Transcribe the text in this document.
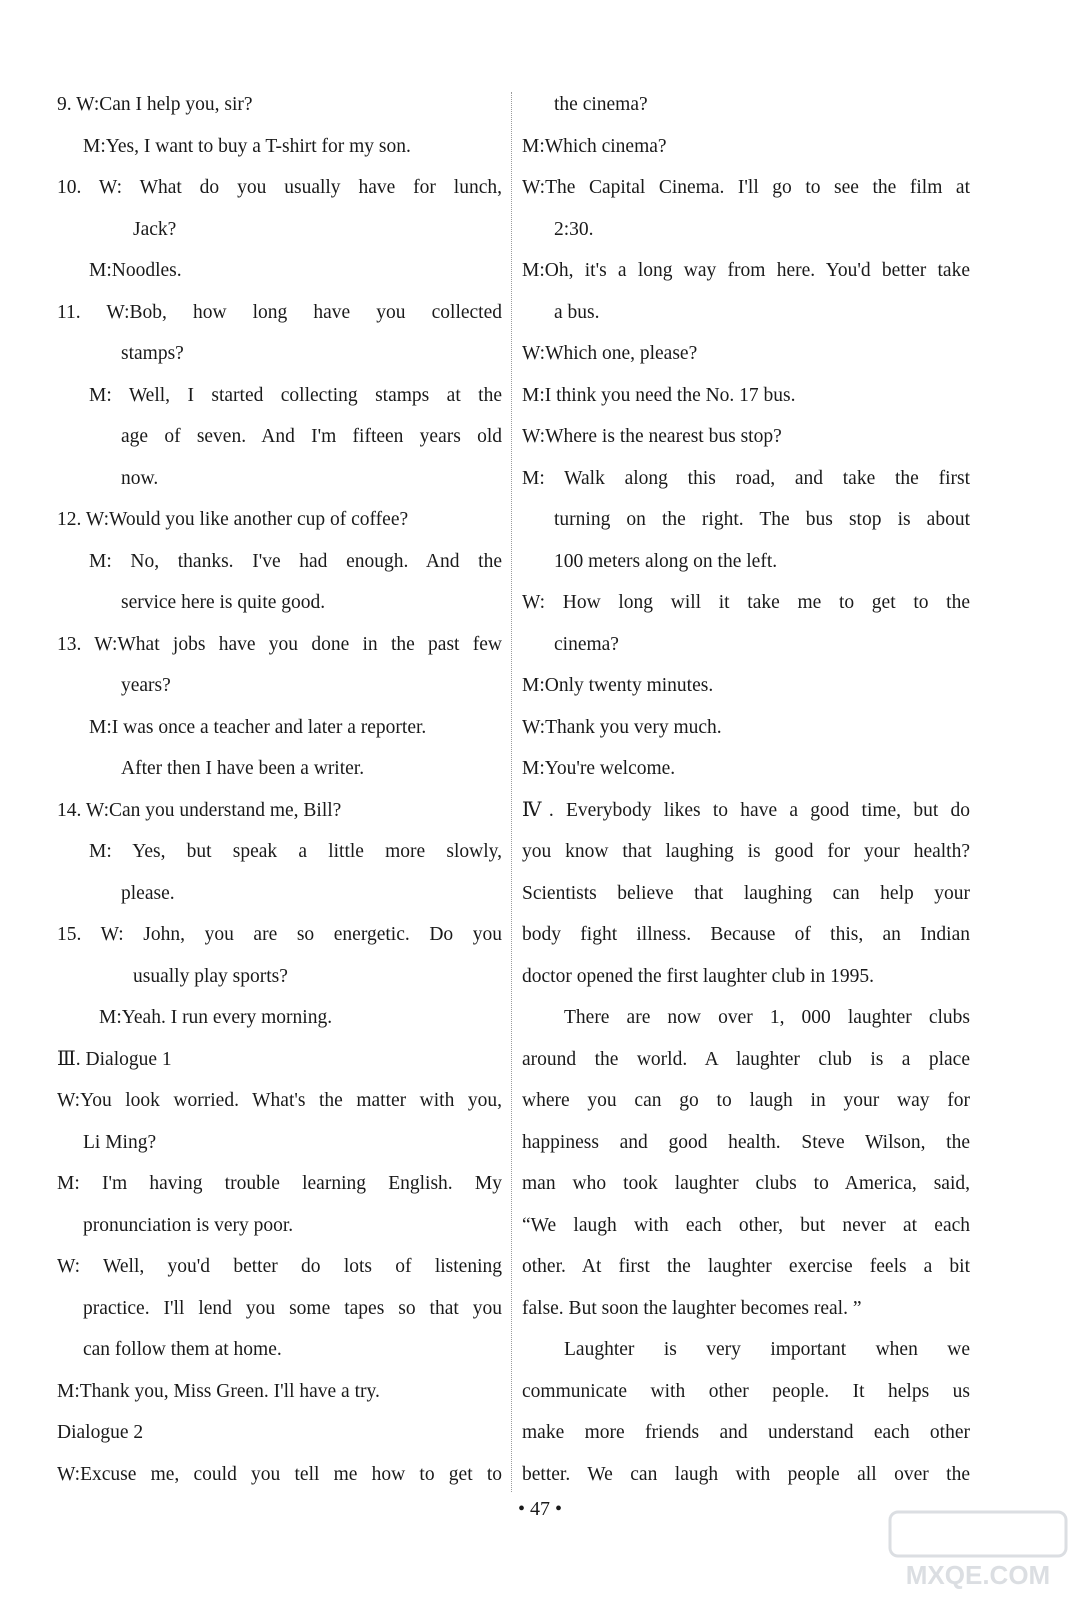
9. W:Can I help you, sir?
M:Yes, I want to buy a T-shirt for my son.
10. W: What do you usually have for lunch,
Jack?
M:Noodles.
11. W:Bob, how long have you collected
stamps?
M: Well, I started collecting stamps at the
age of seven. And I'm fifteen years old
now.
12. W:Would you like another cup of coffee?
M: No, thanks. I've had enough. And the
service here is quite good.
13. W:What jobs have you done in the past few
years?
M:I was once a teacher and later a reporter.
After then I have been a writer.
14. W:Can you understand me, Bill?
M: Yes, but speak a little more slowly,
please.
15. W: John, you are so energetic. Do you
usually play sports?
M:Yeah. I run every morning.
Ⅲ. Dialogue 1
W:You look worried. What's the matter with you,
Li Ming?
M: I'm having trouble learning English. My
pronunciation is very poor.
W: Well, you'd better do lots of listening
practice. I'll lend you some tapes so that you
can follow them at home.
M:Thank you, Miss Green. I'll have a try.
Dialogue 2
W:Excuse me, could you tell me how to get to
the cinema?
M:Which cinema?
W:The Capital Cinema. I'll go to see the film at
2:30.
M:Oh, it's a long way from here. You'd better take
a bus.
W:Which one, please?
M:I think you need the No. 17 bus.
W:Where is the nearest bus stop?
M: Walk along this road, and take the first
turning on the right. The bus stop is about
100 meters along on the left.
W: How long will it take me to get to the
cinema?
M:Only twenty minutes.
W:Thank you very much.
M:You're welcome.
Ⅳ. Everybody likes to have a good time, but do
you know that laughing is good for your health?
Scientists believe that laughing can help your
body fight illness. Because of this, an Indian
doctor opened the first laughter club in 1995.
There are now over 1, 000 laughter clubs
around the world. A laughter club is a place
where you can go to laugh in your way for
happiness and good health. Steve Wilson, the
man who took laughter clubs to America, said,
“We laugh with each other, but never at each
other. At first the laughter exercise feels a bit
false. But soon the laughter becomes real. ”
Laughter is very important when we
communicate with other people. It helps us
make more friends and understand each other
better. We can laugh with people all over the
• 47 •
MXQE.COM
